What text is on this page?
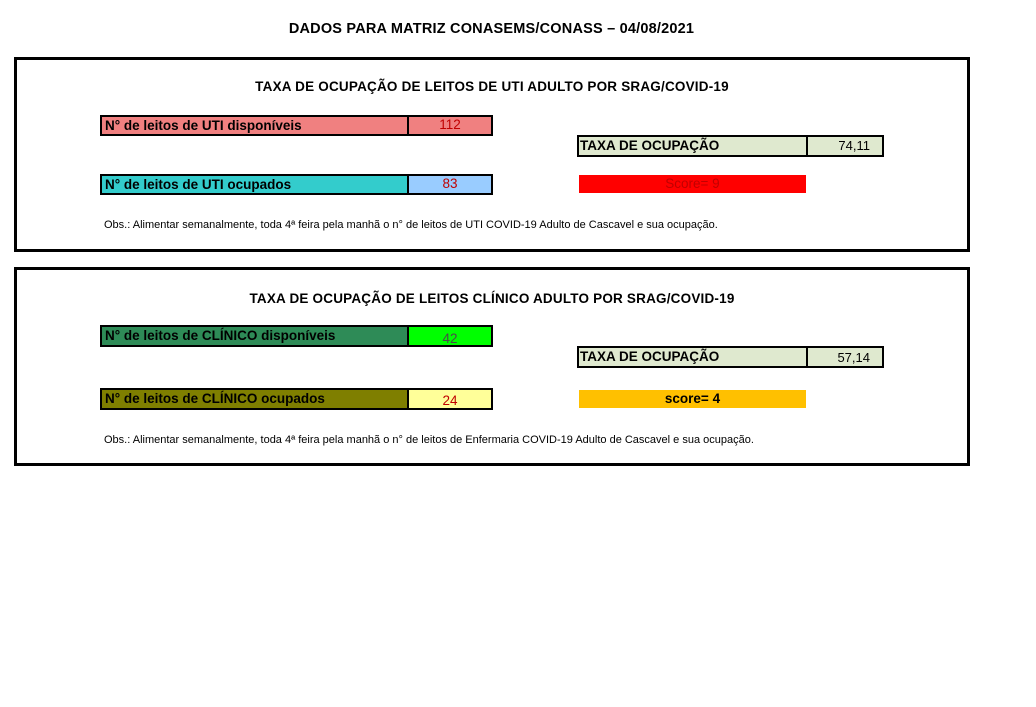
DADOS PARA MATRIZ CONASEMS/CONASS – 04/08/2021
TAXA DE OCUPAÇÃO DE LEITOS DE UTI ADULTO POR SRAG/COVID-19
N° de leitos de UTI disponíveis	112
TAXA DE OCUPAÇÃO	74,11
N° de leitos de UTI ocupados	83	Score= 9
Obs.: Alimentar semanalmente, toda 4ª feira pela manhã o n° de leitos de UTI COVID-19 Adulto de Cascavel e sua ocupação.
TAXA DE OCUPAÇÃO DE LEITOS CLÍNICO ADULTO POR SRAG/COVID-19
N° de leitos de CLÍNICO disponíveis	42
TAXA DE OCUPAÇÃO	57,14
N° de leitos de CLÍNICO ocupados	24	score= 4
Obs.: Alimentar semanalmente, toda 4ª feira pela manhã o n° de leitos de Enfermaria COVID-19 Adulto de Cascavel e sua ocupação.
